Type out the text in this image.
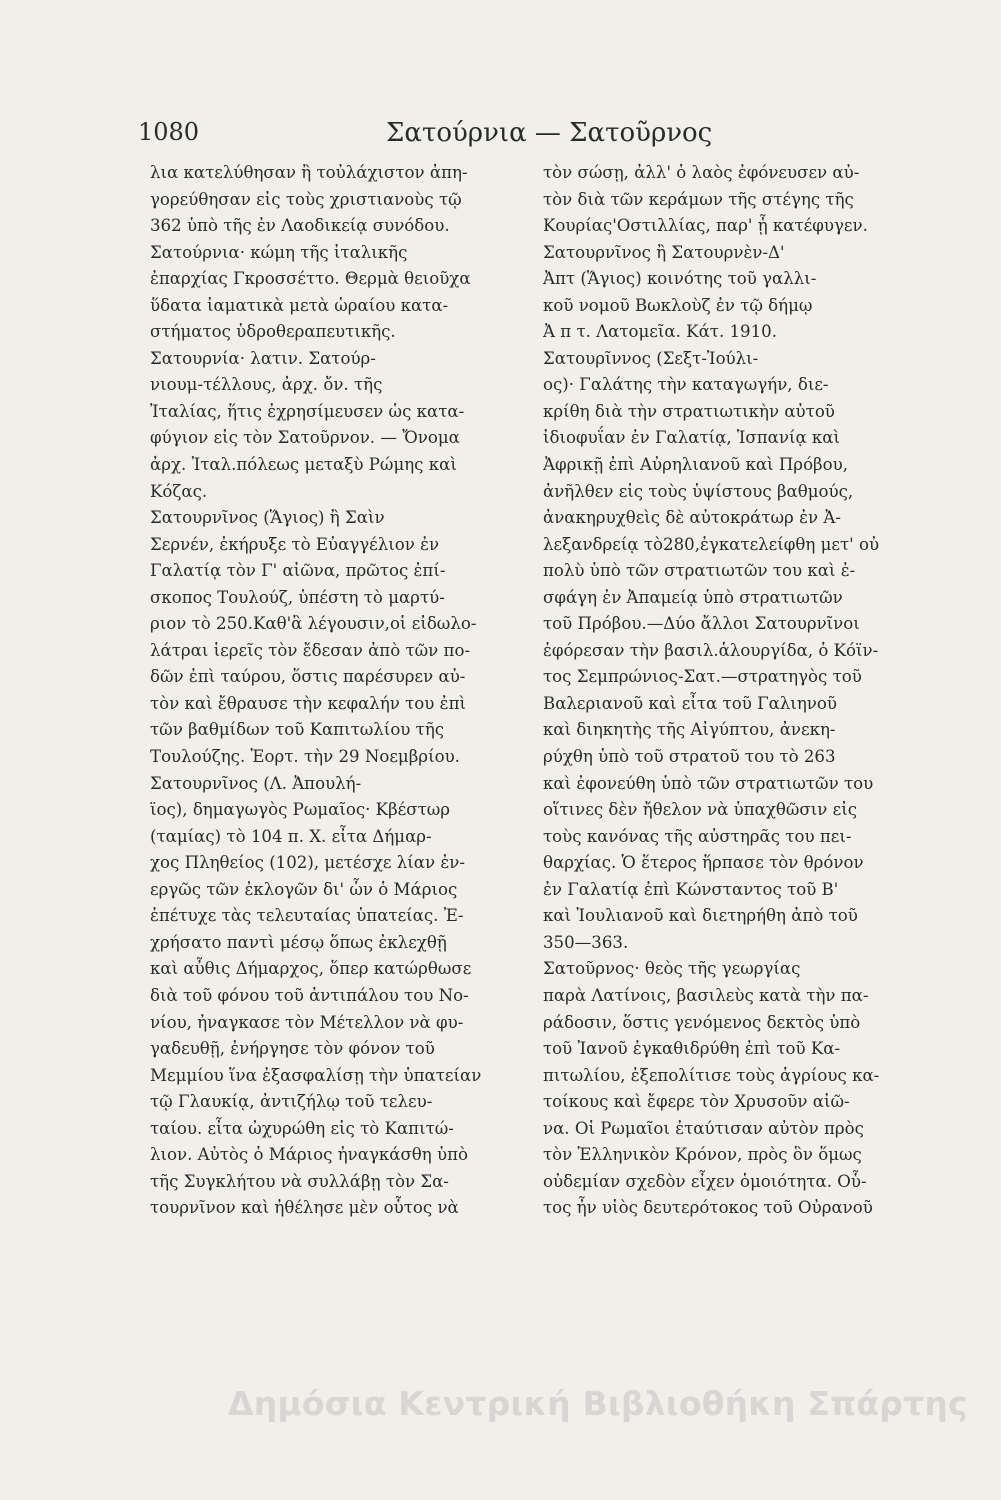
1080	Σατούρνια — Σατοῦρνος
λια κατελύθησαν ἢ τοὐλάχιστον ἀπη-
γορεύθησαν εἰς τοὺς χριστιανοὺς τῷ
362 ὑπὸ τῆς ἐν Λαοδικείᾳ συνόδου.
Σατούρνια· κώμη τῆς ἰταλικῆς
ἐπαρχίας Γκροσσέττο. Θερμὰ θειοῦχα
ὕδατα ἰαματικὰ μετὰ ὡραίου κατα-
στήματος ὑδροθεραπευτικῆς.
Σατουρνία· λατιν. Σατούρ-
νιουμ-τέλλους, ἀρχ. ὄν. τῆς
Ἰταλίας, ἥτις ἐχρησίμευσεν ὡς κατα-
φύγιον εἰς τὸν Σατοῦρνον. — Ὄνομα
ἀρχ. Ἰταλ.πόλεως μεταξὺ Ρώμης καὶ
Κόζας.
Σατουρνῖνος (Ἅγιος) ἢ Σαὶν
Σερνέν, ἐκήρυξε τὸ Εὐαγγέλιον ἐν
Γαλατίᾳ τὸν Γ' αἰῶνα, πρῶτος ἐπί-
σκοπος Τουλούζ, ὑπέστη τὸ μαρτύ-
ριον τὸ 250.Καθ'ἃ λέγουσιν,οἱ εἰδωλο-
λάτραι ἱερεῖς τὸν ἔδεσαν ἀπὸ τῶν πο-
δῶν ἐπὶ ταύρου, ὅστις παρέσυρεν αὐ-
τὸν καὶ ἔθραυσε τὴν κεφαλήν του ἐπὶ
τῶν βαθμίδων τοῦ Καπιτωλίου τῆς
Τουλούζης. Ἑορτ. τὴν 29 Νοεμβρίου.
Σατουρνῖνος (Λ. Ἀπουλή-
ϊος), δημαγωγὸς Ρωμαῖος· Κβέστωρ
(ταμίας) τὸ 104 π. Χ. εἶτα Δήμαρ-
χος Πληθείος (102), μετέσχε λίαν ἐν-
εργῶς τῶν ἐκλογῶν δι' ὧν ὁ Μάριος
ἐπέτυχε τὰς τελευταίας ὑπατείας. Ἐ-
χρήσατο παντὶ μέσῳ ὅπως ἐκλεχθῇ
καὶ αὖθις Δήμαρχος, ὅπερ κατώρθωσε
διὰ τοῦ φόνου τοῦ ἀντιπάλου του Νο-
νίου, ἠναγκασε τὸν Μέτελλον νὰ φυ-
γαδευθῇ, ἐνήργησε τὸν φόνον τοῦ
Μεμμίου ἵνα ἐξασφαλίσῃ τὴν ὑπατείαν
τῷ Γλαυκίᾳ, ἀντιζήλῳ τοῦ τελευ-
ταίου. εἶτα ὠχυρώθη εἰς τὸ Καπιτώ-
λιον. Αὐτὸς ὁ Μάριος ἠναγκάσθη ὑπὸ
τῆς Συγκλήτου νὰ συλλάβῃ τὸν Σα-
τουρνῖνον καὶ ἠθέλησε μὲν οὗτος νὰ
τὸν σώσῃ, ἀλλ' ὁ λαὸς ἐφόνευσεν αὐ-
τὸν διὰ τῶν κεράμων τῆς στέγης τῆς
Κουρίας'Οστιλλίας, παρ' ᾗ κατέφυγεν.
Σατουρνῖνος ἢ Σατουρνὲν-Δ'
Ἀπτ (Ἅγιος) κοινότης τοῦ γαλλι-
κοῦ νομοῦ Βωκλοὺζ ἐν τῷ δήμῳ
Ἀ π τ. Λατομεῖα. Κάτ. 1910.
Σατουρῖννος (Σεξτ-Ἰούλι-
ος)· Γαλάτης τὴν καταγωγήν, διε-
κρίθη διὰ τὴν στρατιωτικὴν αὐτοῦ
ἰδιοφυΐαν ἐν Γαλατίᾳ, Ἱσπανίᾳ καὶ
Ἀφρικῇ ἐπὶ Αὐρηλιανοῦ καὶ Πρόβου,
ἀνῆλθεν εἰς τοὺς ὑψίστους βαθμούς,
ἀνακηρυχθεὶς δὲ αὐτοκράτωρ ἐν Ἀ-
λεξανδρείᾳ τὸ280,ἐγκατελείφθη μετ' οὐ
πολὺ ὑπὸ τῶν στρατιωτῶν του καὶ ἐ-
σφάγη ἐν Ἀπαμείᾳ ὑπὸ στρατιωτῶν
τοῦ Πρόβου.—Δύο ἄλλοι Σατουρνῖνοι
ἐφόρεσαν τὴν βασιλ.ἁλουργίδα, ὁ Κόϊν-
τος Σεμπρώνιος-Σατ.—στρατηγὸς τοῦ
Βαλεριανοῦ καὶ εἶτα τοῦ Γαλιηνοῦ
καὶ διηκητὴς τῆς Αἰγύπτου, ἀνεκη-
ρύχθη ὑπὸ τοῦ στρατοῦ του τὸ 263
καὶ ἐφονεύθη ὑπὸ τῶν στρατιωτῶν του
οἵτινες δὲν ἤθελον νὰ ὑπαχθῶσιν εἰς
τοὺς κανόνας τῆς αὐστηρᾶς του πει-
θαρχίας. Ὁ ἕτερος ἥρπασε τὸν θρόνον
ἐν Γαλατίᾳ ἐπὶ Κώνσταντος τοῦ Β'
καὶ Ἰουλιανοῦ καὶ διετηρήθη ἀπὸ τοῦ
350—363.
Σατοῦρνος· θεὸς τῆς γεωργίας
παρὰ Λατίνοις, βασιλεὺς κατὰ τὴν πα-
ράδοσιν, ὅστις γενόμενος δεκτὸς ὑπὸ
τοῦ Ἰανοῦ ἐγκαθιδρύθη ἐπὶ τοῦ Κα-
πιτωλίου, ἐξεπολίτισε τοὺς ἀγρίους κα-
τοίκους καὶ ἔφερε τὸν Χρυσοῦν αἰῶ-
να. Οἱ Ρωμαῖοι ἐταύτισαν αὐτὸν πρὸς
τὸν Ἑλληνικὸν Κρόνον, πρὸς ὃν ὅμως
οὐδεμίαν σχεδὸν εἶχεν ὁμοιότητα. Οὗ-
τος ἦν υἱὸς δευτερότοκος τοῦ Οὐρανοῦ
Δημόσια Κεντρική Βιβλιοθήκη Σπάρτης
